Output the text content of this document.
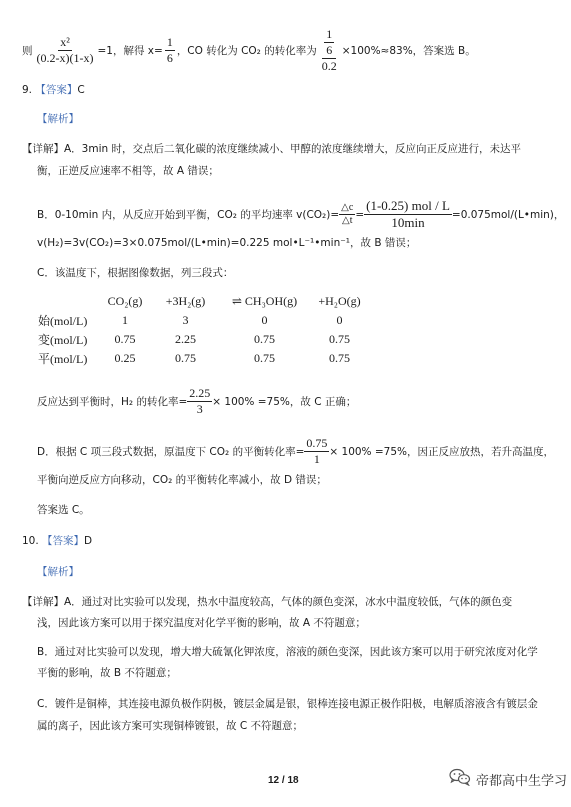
则 $\frac{\text{x²}}{(0.2-x)(1-x)} =1$，解得 $x= \frac{1}{6}$ ，CO 转化为 CO₂ 的转化率为 $\frac{\frac{1}{6}}{0.2} \times 100\%\approx 83\%$，答案选 B。
9. 【答案】C
【解析】
【详解】A．3min 时，交点后二氧化碳的浓度继续减小、甲醇的浓度继续增大，反应向正反应进行，未达平
衡，正逆反应速率不相等，故 A 错误；
B．0-10min 内，从反应开始到平衡，CO₂ 的平均速率 $v(CO_2)= \frac{\triangle c}{\triangle t} = \frac{\text{(1-0.25) mol / L}}{10\min}$ =0.075mol/(L•min)，
v(H₂)=3v(CO₂)=3×0.075mol/(L•min)=0.225 mol•L⁻¹•min⁻¹，故 B 错误；
C．该温度下，根据图像数据，列三段式：
	CO₂(g)	+3H₂(g)	⇌ CH₃OH(g)	+H₂O(g)
始(mol/L)	1	3	0	0
变(mol/L)	0.75	2.25	0.75	0.75
平(mol/L)	0.25	0.75	0.75	0.75
反应达到平衡时，H₂ 的转化率= $\frac{2.25}{3} \times 100\% =75\%$，故 C 正确；
D．根据 C 项三段式数据，原温度下 CO₂ 的平衡转化率= $\frac{0.75}{1} \times 100\% =75\%$，因正反应放热，若升高温度，
平衡向逆反应方向移动，CO₂ 的平衡转化率减小，故 D 错误；
答案选 C。
10. 【答案】D
【解析】
【详解】A．通过对比实验可以发现，热水中温度较高，气体的颜色变深，冰水中温度较低，气体的颜色变
浅，因此该方案可以用于探究温度对化学平衡的影响，故 A 不符题意；
B．通过对比实验可以发现，增大增大硫氰化钾浓度，溶液的颜色变深，因此该方案可以用于研究浓度对化学
平衡的影响，故 B 不符题意；
C．镀件是铜棒，其连接电源负极作阴极，镀层金属是银，银棒连接电源正极作阳极，电解质溶液含有镀层金
属的离子，因此该方案可实现铜棒镀银，故 C 不符题意；
12 / 18	帝都高中生学习
